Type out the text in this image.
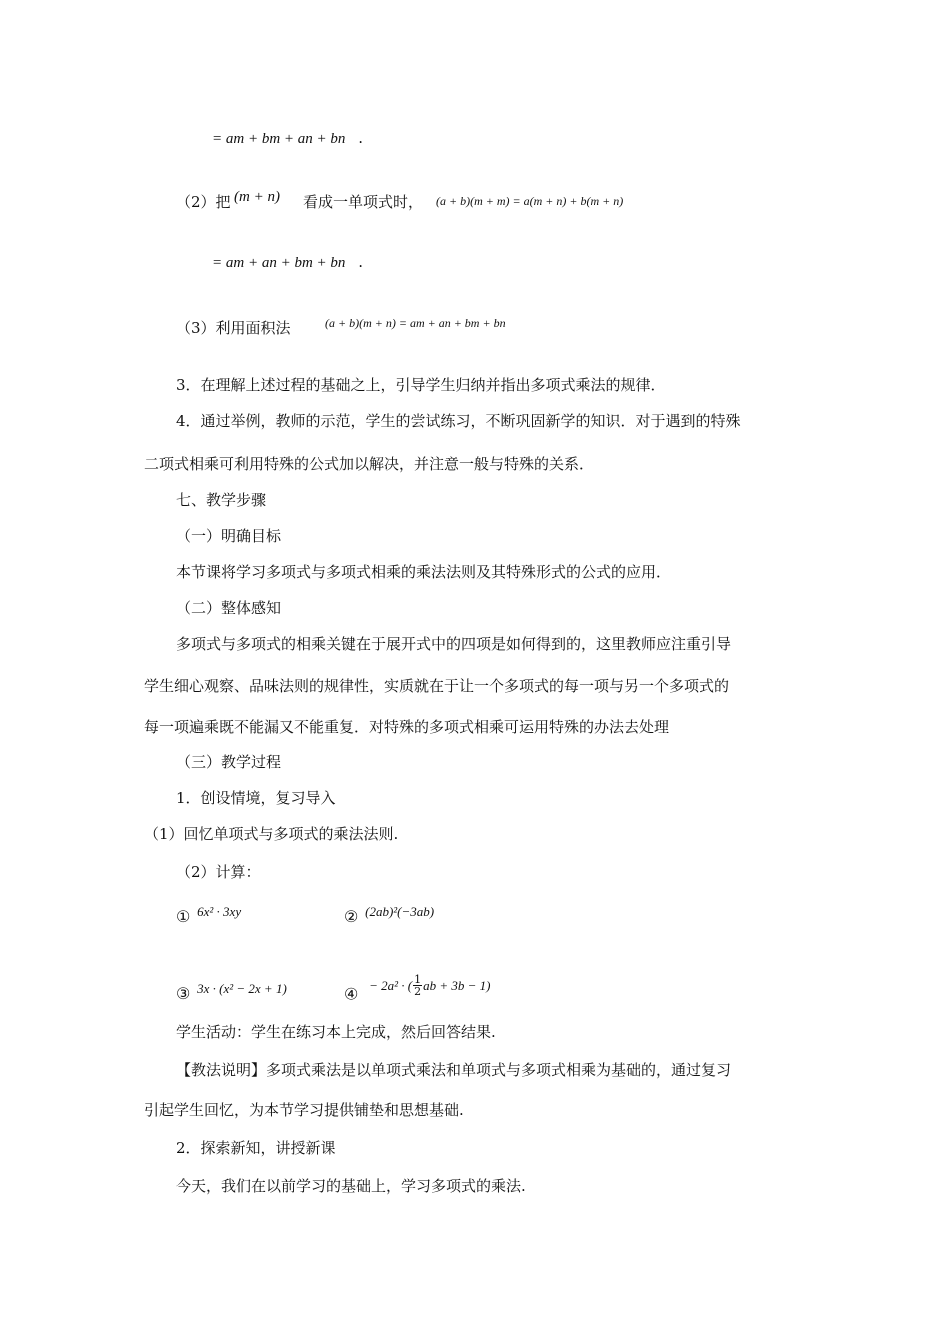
= am + bm + an + bn .
（2）把 (m + n) 看成一单项式时， (a + b)(m + m) = a(m + n) + b(m + n)
= am + an + bm + bn .
（3）利用面积法	(a + b)(m + n) = am + an + bm + bn
3．在理解上述过程的基础之上，引导学生归纳并指出多项式乘法的规律．
4．通过举例，教师的示范，学生的尝试练习，不断巩固新学的知识．对于遇到的特殊
二项式相乘可利用特殊的公式加以解决，并注意一般与特殊的关系．
七、教学步骤
（一）明确目标
本节课将学习多项式与多项式相乘的乘法法则及其特殊形式的公式的应用．
（二）整体感知
多项式与多项式的相乘关键在于展开式中的四项是如何得到的，这里教师应注重引导
学生细心观察、品味法则的规律性，实质就在于让一个多项式的每一项与另一个多项式的
每一项遍乘既不能漏又不能重复．对特殊的多项式相乘可运用特殊的办法去处理
（三）教学过程
1．创设情境，复习导入
（1）回忆单项式与多项式的乘法法则.
（2）计算：
① 6x² · 3xy	② (2ab)²(−3ab)
③ 3x · (x² − 2x + 1)	④ − 2a² · ( $\frac{1}{2}$ ab + 3b − 1)
学生活动：学生在练习本上完成，然后回答结果.
【教法说明】多项式乘法是以单项式乘法和单项式与多项式相乘为基础的，通过复习
引起学生回忆，为本节学习提供铺垫和思想基础.
2．探索新知，讲授新课
今天，我们在以前学习的基础上，学习多项式的乘法.
